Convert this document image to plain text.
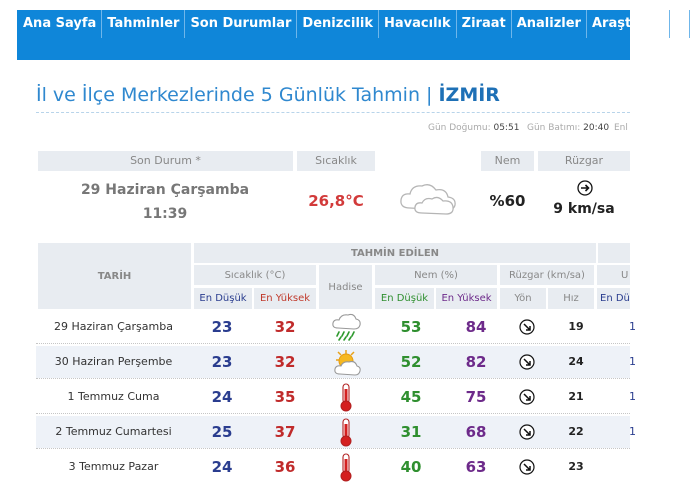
Ana Sayfa Tahminler Son Durumlar Denizcilik Havacılık Ziraat Analizler Araştırma E
İl ve İlçe Merkezlerinde 5 Günlük Tahmin | İZMİR
Gün Doğumu: 05:51 Gün Batımı: 20:40 Enl
Son Durum *	Sıcaklık	Nem	Rüzgar
29 Haziran Çarşamba
11:39
26,8°C	%60	9 km/sa
TAHMİN EDİLEN
TARİH	Sıcaklık (°C)
Hadise
Nem (%)	Rüzgar (km/sa)	U
En Düşük	En Yüksek	En Düşük	En Yüksek	Yön	Hız	En Dü
29 Haziran Çarşamba	23	32	53	84	19	1
30 Haziran Perşembe	23	32	52	82	24	1
1 Temmuz Cuma	24	35	45	75	21	1
2 Temmuz Cumartesi	25	37	31	68	22	1
3 Temmuz Pazar	24	36	40	63	23
